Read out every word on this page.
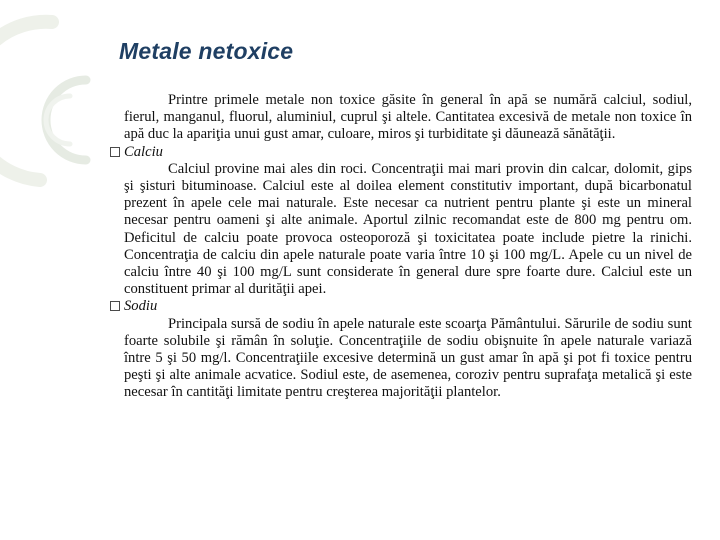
Metale netoxice

Printre primele metale non toxice găsite în general în apă se numără calciul, sodiul, fierul, manganul, fluorul, aluminiul, cuprul şi altele. Cantitatea excesivă de metale non toxice în apă duc la apariţia unui gust amar, culoare, miros şi turbiditate şi dăunează sănătăţii.

Calciu

Calciul provine mai ales din roci. Concentraţii mai mari provin din calcar, dolomit, gips şi şisturi bituminoase. Calciul este al doilea element constitutiv important, după bicarbonatul prezent în apele cele mai naturale. Este necesar ca nutrient pentru plante şi este un mineral necesar pentru oameni şi alte animale. Aportul zilnic recomandat este de 800 mg pentru om. Deficitul de calciu poate provoca osteoporoză şi toxicitatea poate include pietre la rinichi. Concentraţia de calciu din apele naturale poate varia între 10 şi 100 mg/L. Apele cu un nivel de calciu între 40 şi 100 mg/L sunt considerate în general dure spre foarte dure. Calciul este un constituent primar al durităţii apei.

Sodiu

Principala sursă de sodiu în apele naturale este scoarţa Pământului. Sărurile de sodiu sunt foarte solubile şi rămân în soluţie. Concentraţiile de sodiu obişnuite în apele naturale variază între 5 şi 50 mg/l. Concentraţiile excesive determină un gust amar în apă şi pot fi toxice pentru peşti şi alte animale acvatice. Sodiul este, de asemenea, coroziv pentru suprafaţa metalică şi este necesar în cantităţi limitate pentru creşterea majorităţii plantelor.
